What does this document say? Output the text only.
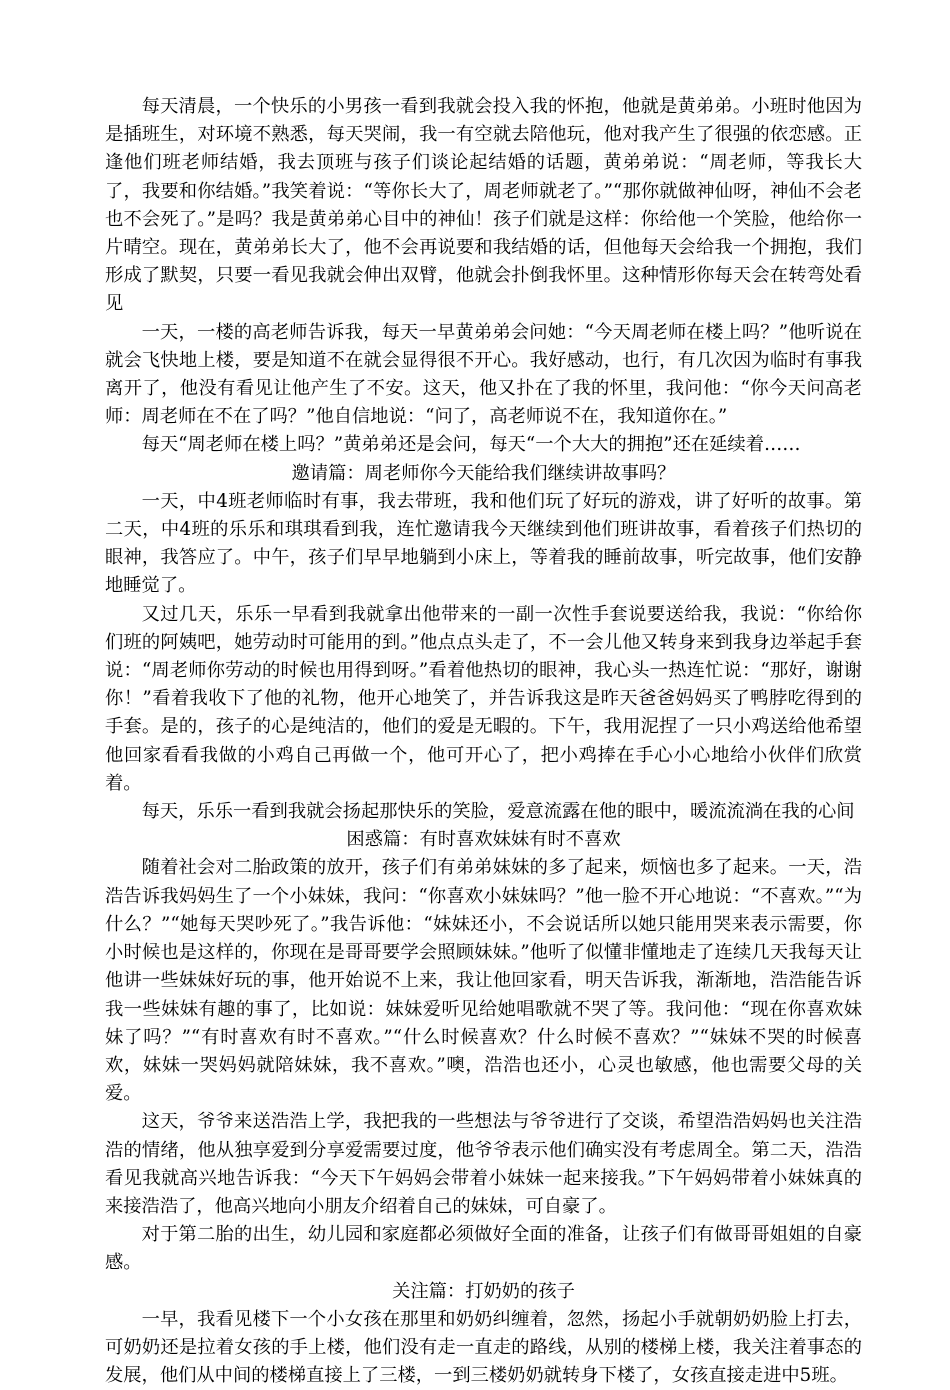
每天清晨，一个快乐的小男孩一看到我就会投入我的怀抱，他就是黄弟弟。小班时他因为是插班生，对环境不熟悉，每天哭闹，我一有空就去陪他玩，他对我产生了很强的依恋感。正逢他们班老师结婚，我去顶班与孩子们谈论起结婚的话题，黄弟弟说：“周老师，等我长大了，我要和你结婚。”我笑着说：“等你长大了，周老师就老了。”“那你就做神仙呀，神仙不会老也不会死了。”是吗？我是黄弟弟心目中的神仙！孩子们就是这样：你给他一个笑脸，他给你一片晴空。现在，黄弟弟长大了，他不会再说要和我结婚的话，但他每天会给我一个拥抱，我们形成了默契，只要一看见我就会伸出双臂，他就会扑倒我怀里。这种情形你每天会在转弯处看见

一天，一楼的高老师告诉我，每天一早黄弟弟会问她：“今天周老师在楼上吗？”他听说在就会飞快地上楼，要是知道不在就会显得很不开心。我好感动，也行，有几次因为临时有事我离开了，他没有看见让他产生了不安。这天，他又扑在了我的怀里，我问他：“你今天问高老师：周老师在不在了吗？”他自信地说：“问了，高老师说不在，我知道你在。”

每天“周老师在楼上吗？”黄弟弟还是会问，每天“一个大大的拥抱”还在延续着……

邀请篇：周老师你今天能给我们继续讲故事吗？

一天，中4班老师临时有事，我去带班，我和他们玩了好玩的游戏，讲了好听的故事。第二天，中4班的乐乐和琪琪看到我，连忙邀请我今天继续到他们班讲故事，看着孩子们热切的眼神，我答应了。中午，孩子们早早地躺到小床上，等着我的睡前故事，听完故事，他们安静地睡觉了。

又过几天，乐乐一早看到我就拿出他带来的一副一次性手套说要送给我，我说：“你给你们班的阿姨吧，她劳动时可能用的到。”他点点头走了，不一会儿他又转身来到我身边举起手套说：“周老师你劳动的时候也用得到呀。”看着他热切的眼神，我心头一热连忙说：“那好，谢谢你！”看着我收下了他的礼物，他开心地笑了，并告诉我这是昨天爸爸妈妈买了鸭脖吃得到的手套。是的，孩子的心是纯洁的，他们的爱是无暇的。下午，我用泥捏了一只小鸡送给他希望他回家看看我做的小鸡自己再做一个，他可开心了，把小鸡捧在手心小心地给小伙伴们欣赏着。

每天，乐乐一看到我就会扬起那快乐的笑脸，爱意流露在他的眼中，暖流流淌在我的心间

困惑篇：有时喜欢妹妹有时不喜欢

随着社会对二胎政策的放开，孩子们有弟弟妹妹的多了起来，烦恼也多了起来。一天，浩浩告诉我妈妈生了一个小妹妹，我问：“你喜欢小妹妹吗？”他一脸不开心地说：“不喜欢。”“为什么？”“她每天哭吵死了。”我告诉他：“妹妹还小，不会说话所以她只能用哭来表示需要，你小时候也是这样的，你现在是哥哥要学会照顾妹妹。”他听了似懂非懂地走了连续几天我每天让他讲一些妹妹好玩的事，他开始说不上来，我让他回家看，明天告诉我，渐渐地，浩浩能告诉我一些妹妹有趣的事了，比如说：妹妹爱听见给她唱歌就不哭了等。我问他：“现在你喜欢妹妹了吗？”“有时喜欢有时不喜欢。”“什么时候喜欢？什么时候不喜欢？”“妹妹不哭的时候喜欢，妹妹一哭妈妈就陪妹妹，我不喜欢。”噢，浩浩也还小，心灵也敏感，他也需要父母的关爱。

这天，爷爷来送浩浩上学，我把我的一些想法与爷爷进行了交谈，希望浩浩妈妈也关注浩浩的情绪，他从独享爱到分享爱需要过度，他爷爷表示他们确实没有考虑周全。第二天，浩浩看见我就高兴地告诉我：“今天下午妈妈会带着小妹妹一起来接我。”下午妈妈带着小妹妹真的来接浩浩了，他高兴地向小朋友介绍着自己的妹妹，可自豪了。

对于第二胎的出生，幼儿园和家庭都必须做好全面的准备，让孩子们有做哥哥姐姐的自豪感。

关注篇：打奶奶的孩子

一早，我看见楼下一个小女孩在那里和奶奶纠缠着，忽然，扬起小手就朝奶奶脸上打去，可奶奶还是拉着女孩的手上楼，他们没有走一直走的路线，从别的楼梯上楼，我关注着事态的发展，他们从中间的楼梯直接上了三楼，一到三楼奶奶就转身下楼了，女孩直接走进中5班。
